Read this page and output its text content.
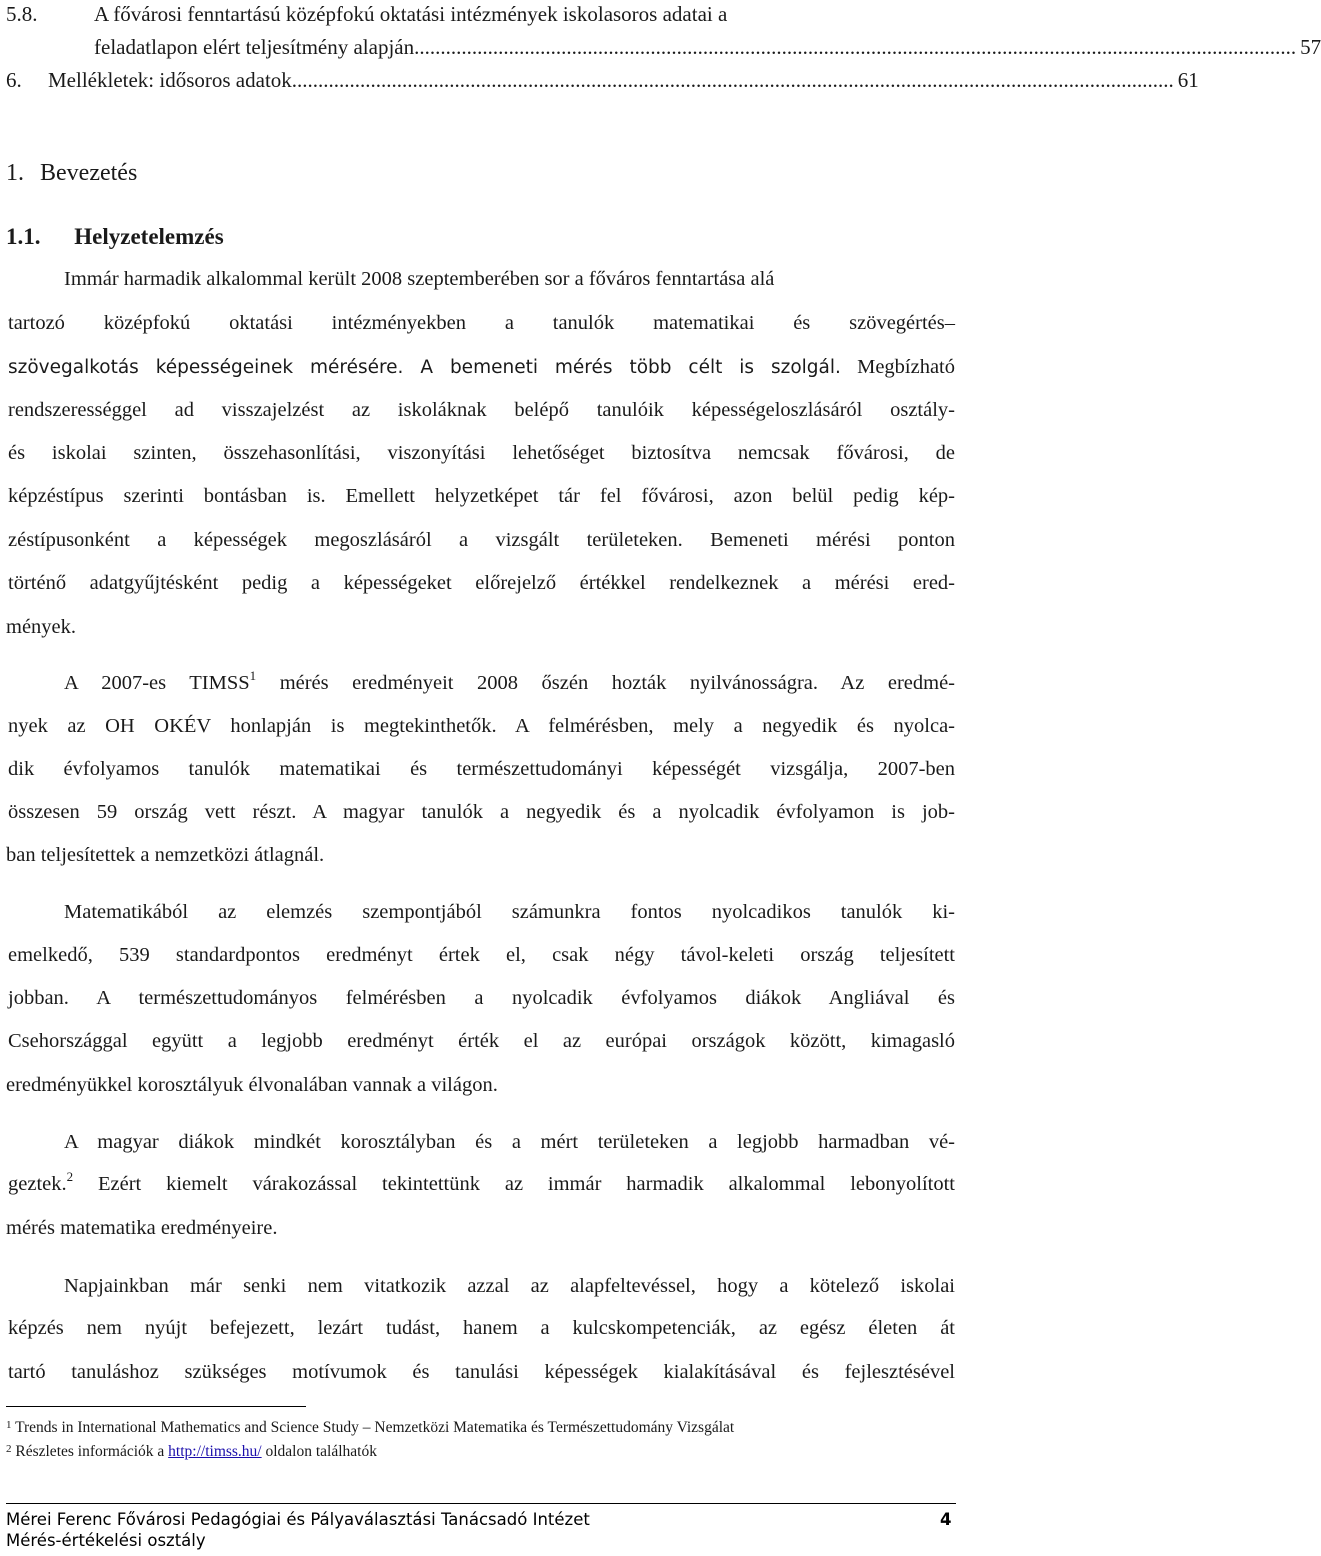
5.8.	A fővárosi fenntartású középfokú oktatási intézmények iskolasoros adatai a
feladatlapon elért teljesítmény alapján ........................................................................................................................................................................ 57
6. Mellékletek: idősoros adatok ........................................................................................................................................................................ 61
1. Bevezetés
1.1. Helyzetelemzés
Immár harmadik alkalommal került 2008 szeptemberében sor a főváros fenntartása alá
tartozó középfokú oktatási intézményekben a tanulók matematikai és szövegértés–
szövegalkotás képességeinek mérésére. A bemeneti mérés több célt is szolgál. Megbízható
rendszerességgel ad visszajelzést az iskoláknak belépő tanulóik képességeloszlásáról osztály-
és iskolai szinten, összehasonlítási, viszonyítási lehetőséget biztosítva nemcsak fővárosi, de
képzéstípus szerinti bontásban is. Emellett helyzetképet tár fel fővárosi, azon belül pedig kép-
zéstípusonként a képességek megoszlásáról a vizsgált területeken. Bemeneti mérési ponton
történő adatgyűjtésként pedig a képességeket előrejelző értékkel rendelkeznek a mérési ered-
mények.
A 2007-es TIMSS$^1$ mérés eredményeit 2008 őszén hozták nyilvánosságra. Az eredmé-
nyek az OH OKÉV honlapján is megtekinthetők. A felmérésben, mely a negyedik és nyolca-
dik évfolyamos tanulók matematikai és természettudományi képességét vizsgálja, 2007-ben
összesen 59 ország vett részt. A magyar tanulók a negyedik és a nyolcadik évfolyamon is job-
ban teljesítettek a nemzetközi átlagnál.
Matematikából az elemzés szempontjából számunkra fontos nyolcadikos tanulók ki-
emelkedő, 539 standardpontos eredményt értek el, csak négy távol-keleti ország teljesített
jobban. A természettudományos felmérésben a nyolcadik évfolyamos diákok Angliával és
Csehországgal együtt a legjobb eredményt érték el az európai országok között, kimagasló
eredményükkel korosztályuk élvonalában vannak a világon.
A magyar diákok mindkét korosztályban és a mért területeken a legjobb harmadban vé-
geztek.$^2$ Ezért kiemelt várakozással tekintettünk az immár harmadik alkalommal lebonyolított
mérés matematika eredményeire.
Napjainkban már senki nem vitatkozik azzal az alapfeltevéssel, hogy a kötelező iskolai
képzés nem nyújt befejezett, lezárt tudást, hanem a kulcskompetenciák, az egész életen át
tartó tanuláshoz szükséges motívumok és tanulási képességek kialakításával és fejlesztésével
$^1$ Trends in International Mathematics and Science Study – Nemzetközi Matematika és Természettudomány Vizsgálat
$^2$ Részletes információk a http://timss.hu/ oldalon találhatók
Mérei Ferenc Fővárosi Pedagógiai és Pályaválasztási Tanácsadó Intézet	4
Mérés-értékelési osztály
